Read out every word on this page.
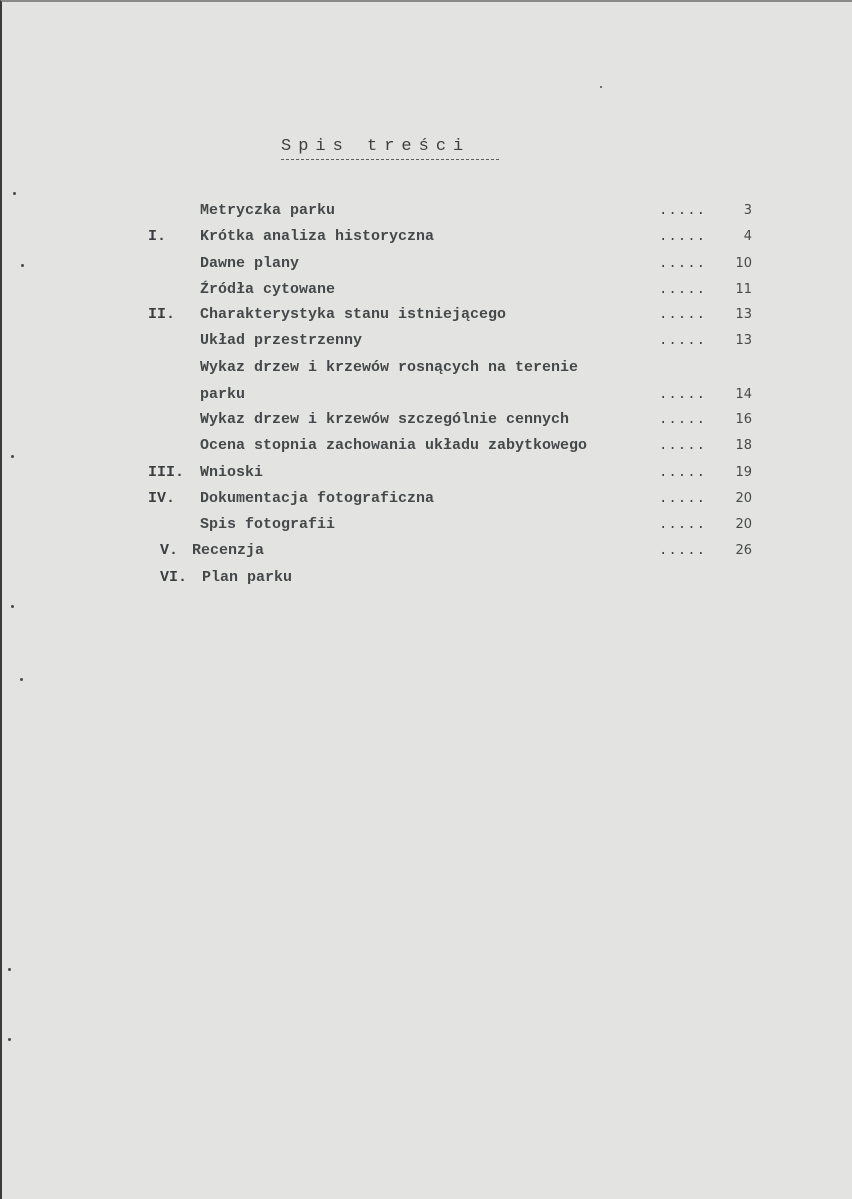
Spis treści
Metryczka parku	.....	3
I. Krótka analiza historyczna	.....	4
Dawne plany	.....	10
Źródła cytowane	.....	11
II. Charakterystyka stanu istniejącego	.....	13
Układ przestrzenny	.....	13
Wykaz drzew i krzewów rosnących na terenie
parku	.....	14
Wykaz drzew i krzewów szczególnie cennych	.....	16
Ocena stopnia zachowania układu zabytkowego	.....	18
III. Wnioski	.....	19
IV. Dokumentacja fotograficzna	.....	20
Spis fotografii	.....	20
V. Recenzja	.....	26
VI. Plan parku
